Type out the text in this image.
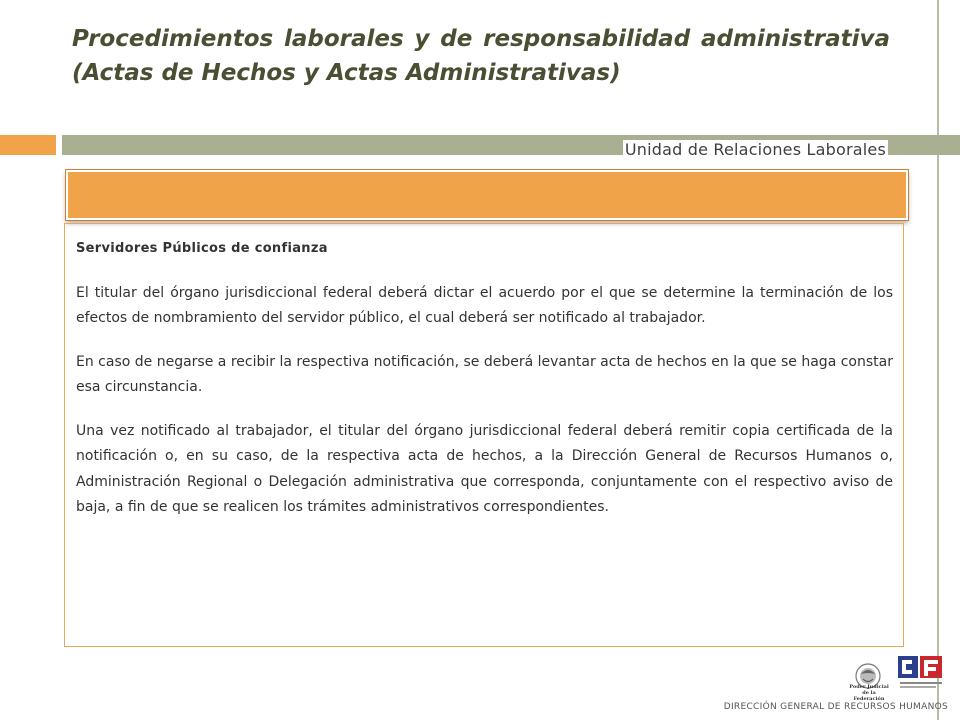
Procedimientos laborales y de responsabilidad administrativa
(Actas de Hechos y Actas Administrativas)
Unidad de Relaciones Laborales
Servidores Públicos de confianza

El titular del órgano jurisdiccional federal deberá dictar el acuerdo por el que se determine la terminación de los efectos de nombramiento del servidor público, el cual deberá ser notificado al trabajador.

En caso de negarse a recibir la respectiva notificación, se deberá levantar acta de hechos en la que se haga constar esa circunstancia.

Una vez notificado al trabajador, el titular del órgano jurisdiccional federal deberá remitir copia certificada de la notificación o, en su caso, de la respectiva acta de hechos, a la Dirección General de Recursos Humanos o, Administración Regional o Delegación administrativa que corresponda, conjuntamente con el respectivo aviso de baja, a fin de que se realicen los trámites administrativos correspondientes.

Poder Judicial de la Federación
DIRECCIÓN GENERAL DE RECURSOS HUMANOS
